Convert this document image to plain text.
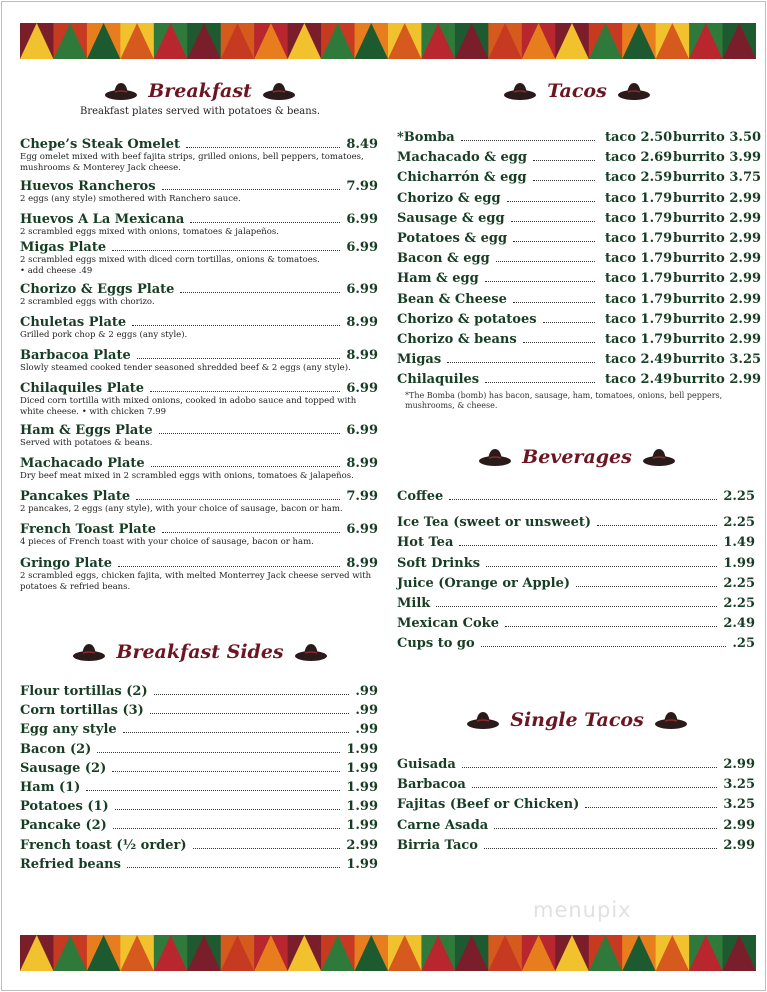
Breakfast
Breakfast plates served with potatoes & beans.
Chepe’s Steak Omelet	8.49
Egg omelet mixed with beef fajita strips, grilled onions, bell peppers, tomatoes, mushrooms & Monterey Jack cheese.
Huevos Rancheros	7.99
2 eggs (any style) smothered with Ranchero sauce.
Huevos A La Mexicana	6.99
2 scrambled eggs mixed with onions, tomatoes & jalapeños.
Migas Plate	6.99
2 scrambled eggs mixed with diced corn tortillas, onions & tomatoes.
• add cheese .49
Chorizo & Eggs Plate	6.99
2 scrambled eggs with chorizo.
Chuletas Plate	8.99
Grilled pork chop & 2 eggs (any style).
Barbacoa Plate	8.99
Slowly steamed cooked tender seasoned shredded beef & 2 eggs (any style).
Chilaquiles Plate	6.99
Diced corn tortilla with mixed onions, cooked in adobo sauce and topped with white cheese. • with chicken 7.99
Ham & Eggs Plate	6.99
Served with potatoes & beans.
Machacado Plate	8.99
Dry beef meat mixed in 2 scrambled eggs with onions, tomatoes & jalapeños.
Pancakes Plate	7.99
2 pancakes, 2 eggs (any style), with your choice of sausage, bacon or ham.
French Toast Plate	6.99
4 pieces of French toast with your choice of sausage, bacon or ham.
Gringo Plate	8.99
2 scrambled eggs, chicken fajita, with melted Monterrey Jack cheese served with potatoes & refried beans.
Breakfast Sides
Flour tortillas (2)	.99
Corn tortillas (3)	.99
Egg any style	.99
Bacon (2)	1.99
Sausage (2)	1.99
Ham (1)	1.99
Potatoes (1)	1.99
Pancake (2)	1.99
French toast (½ order)	2.99
Refried beans	1.99
Tacos
*Bomba	taco 2.50 burrito 3.50
Machacado & egg	taco 2.69 burrito 3.99
Chicharrón & egg	taco 2.59 burrito 3.75
Chorizo & egg	taco 1.79 burrito 2.99
Sausage & egg	taco 1.79 burrito 2.99
Potatoes & egg	taco 1.79 burrito 2.99
Bacon & egg	taco 1.79 burrito 2.99
Ham & egg	taco 1.79 burrito 2.99
Bean & Cheese	taco 1.79 burrito 2.99
Chorizo & potatoes	taco 1.79 burrito 2.99
Chorizo & beans	taco 1.79 burrito 2.99
Migas	taco 2.49 burrito 3.25
Chilaquiles	taco 2.49 burrito 2.99
*The Bomba (bomb) has bacon, sausage, ham, tomatoes, onions, bell peppers, mushrooms, & cheese.
Beverages
Coffee	2.25
Ice Tea (sweet or unsweet)	2.25
Hot Tea	1.49
Soft Drinks	1.99
Juice (Orange or Apple)	2.25
Milk	2.25
Mexican Coke	2.49
Cups to go	.25
Single Tacos
Guisada	2.99
Barbacoa	3.25
Fajitas (Beef or Chicken)	3.25
Carne Asada	2.99
Birria Taco	2.99
menupix
